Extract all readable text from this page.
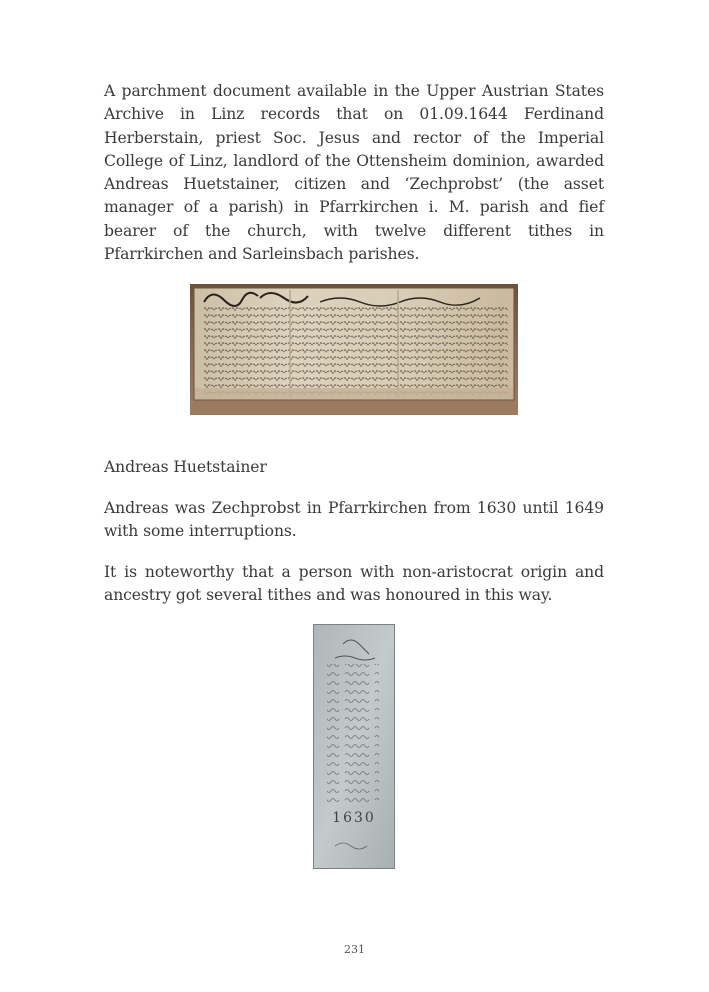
A parchment document available in the Upper Austrian States Archive in Linz records that on 01.09.1644 Ferdinand Herberstain, priest Soc. Jesus and rector of the Imperial College of Linz, landlord of the Ottensheim dominion, awarded Andreas Huetstainer, citizen and ‘Zechprobst’ (the asset manager of a parish) in Pfarrkirchen i. M. parish and fief bearer of the church, with twelve different tithes in Pfarrkirchen and Sarleinsbach parishes.

Andreas Huetstainer

Andreas was Zechprobst in Pfarrkirchen from 1630 until 1649 with some interruptions.

It is noteworthy that a person with non-aristocrat origin and ancestry got several tithes and was honoured in this way.

1630
231
